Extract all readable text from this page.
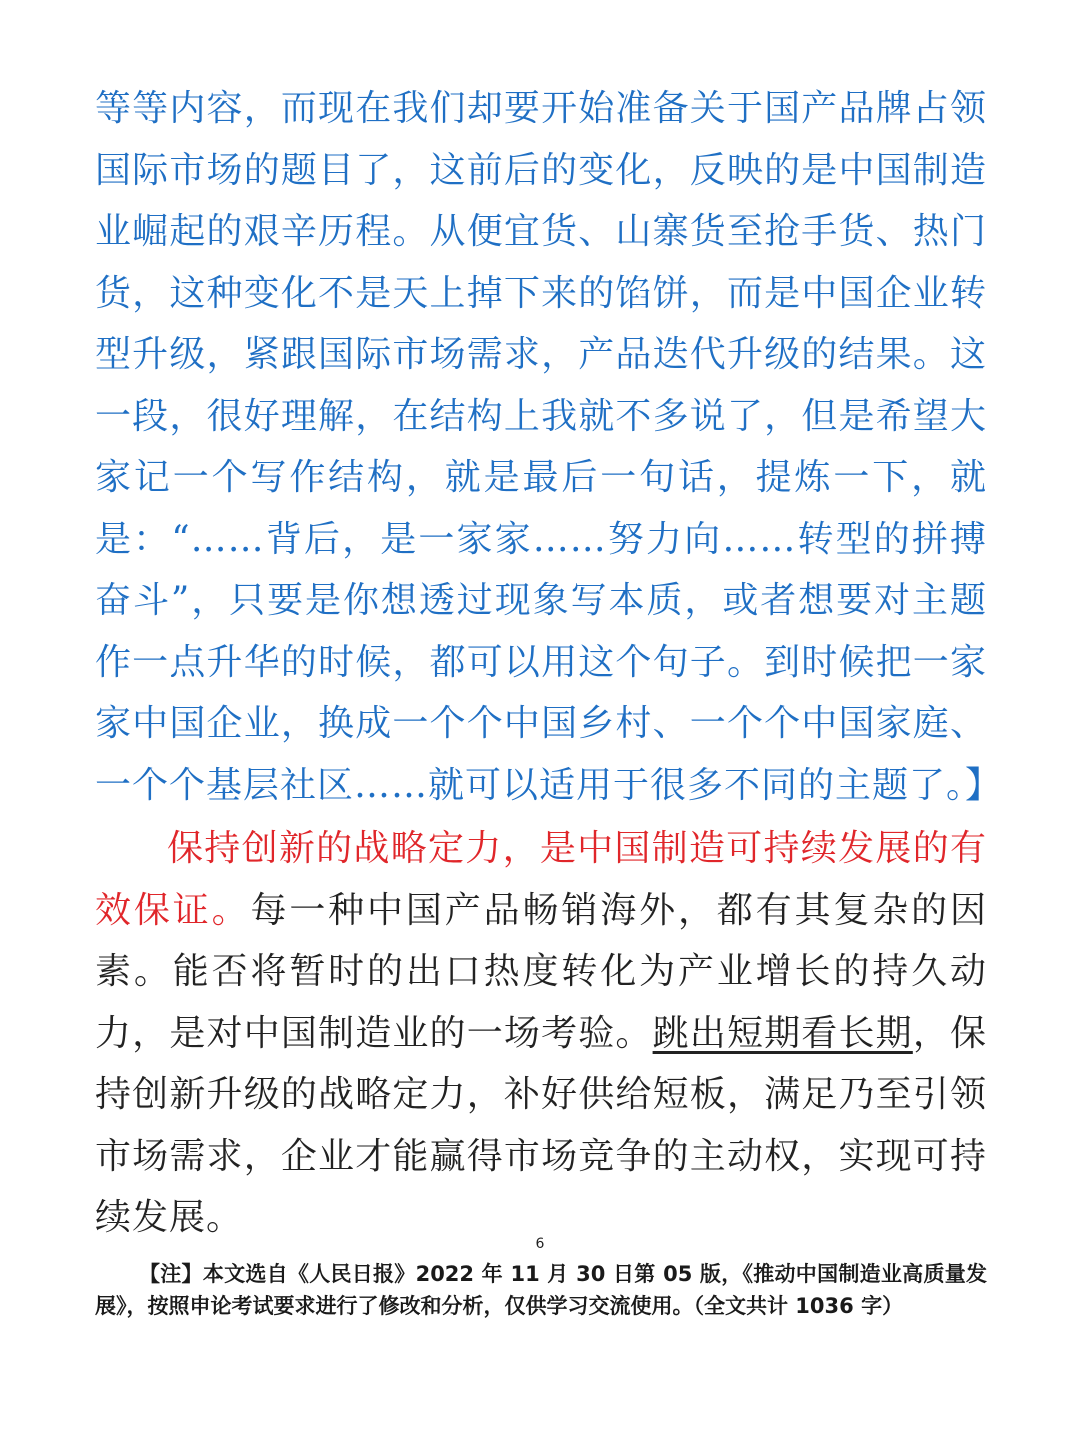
等等内容，而现在我们却要开始准备关于国产品牌占领国际市场的题目了，这前后的变化，反映的是中国制造业崛起的艰辛历程。从便宜货、山寨货至抢手货、热门货，这种变化不是天上掉下来的馅饼，而是中国企业转型升级，紧跟国际市场需求，产品迭代升级的结果。这一段，很好理解，在结构上我就不多说了，但是希望大家记一个写作结构，就是最后一句话，提炼一下，就是：“……背后，是一家家……努力向……转型的拼搏奋斗”，只要是你想透过现象写本质，或者想要对主题作一点升华的时候，都可以用这个句子。到时候把一家家中国企业，换成一个个中国乡村、一个个中国家庭、一个个基层社区……就可以适用于很多不同的主题了。】
保持创新的战略定力，是中国制造可持续发展的有效保证。每一种中国产品畅销海外，都有其复杂的因素。能否将暂时的出口热度转化为产业增长的持久动力，是对中国制造业的一场考验。跳出短期看长期，保持创新升级的战略定力，补好供给短板，满足乃至引领市场需求，企业才能赢得市场竞争的主动权，实现可持续发展。
6
【注】本文选自《人民日报》2022 年 11 月 30 日第 05 版，《推动中国制造业高质量发展》，按照申论考试要求进行了修改和分析，仅供学习交流使用。（全文共计 1036 字）
